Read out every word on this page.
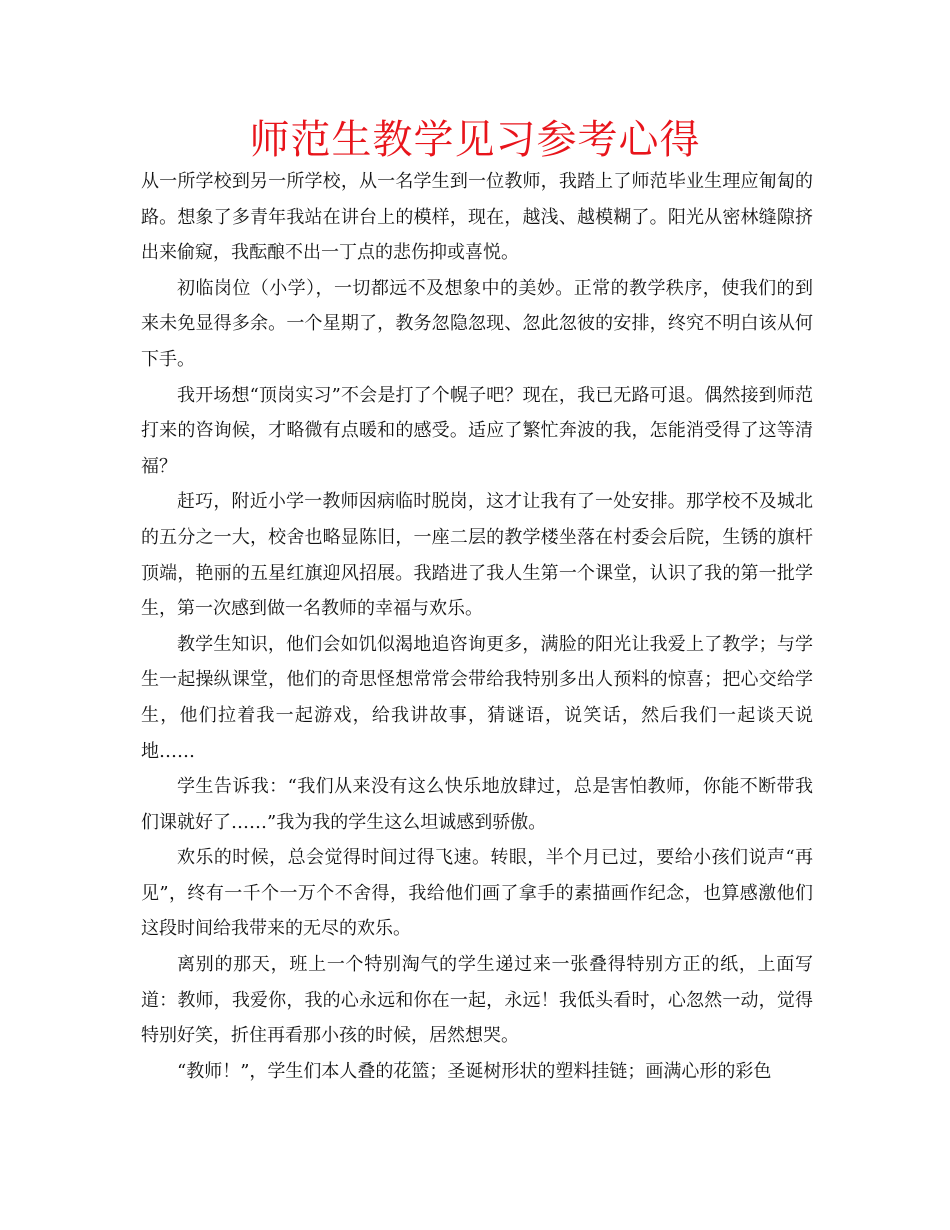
师范生教学见习参考心得

从一所学校到另一所学校，从一名学生到一位教师，我踏上了师范毕业生理应匍匐的路。想象了多青年我站在讲台上的模样，现在，越浅、越模糊了。阳光从密林缝隙挤出来偷窥，我酝酿不出一丁点的悲伤抑或喜悦。

初临岗位（小学），一切都远不及想象中的美妙。正常的教学秩序，使我们的到来未免显得多余。一个星期了，教务忽隐忽现、忽此忽彼的安排，终究不明白该从何下手。

我开场想“顶岗实习”不会是打了个幌子吧？现在，我已无路可退。偶然接到师范打来的咨询候，才略微有点暖和的感受。适应了繁忙奔波的我，怎能消受得了这等清福？

赶巧，附近小学一教师因病临时脱岗，这才让我有了一处安排。那学校不及城北的五分之一大，校舍也略显陈旧，一座二层的教学楼坐落在村委会后院，生锈的旗杆顶端，艳丽的五星红旗迎风招展。我踏进了我人生第一个课堂，认识了我的第一批学生，第一次感到做一名教师的幸福与欢乐。

教学生知识，他们会如饥似渴地追咨询更多，满脸的阳光让我爱上了教学；与学生一起操纵课堂，他们的奇思怪想常常会带给我特别多出人预料的惊喜；把心交给学生，他们拉着我一起游戏，给我讲故事，猜谜语，说笑话，然后我们一起谈天说地……

学生告诉我：“我们从来没有这么快乐地放肆过，总是害怕教师，你能不断带我们课就好了……”我为我的学生这么坦诚感到骄傲。

欢乐的时候，总会觉得时间过得飞速。转眼，半个月已过，要给小孩们说声“再见”，终有一千个一万个不舍得，我给他们画了拿手的素描画作纪念，也算感激他们这段时间给我带来的无尽的欢乐。

离别的那天，班上一个特别淘气的学生递过来一张叠得特别方正的纸，上面写道：教师，我爱你，我的心永远和你在一起，永远！我低头看时，心忽然一动，觉得特别好笑，折住再看那小孩的时候，居然想哭。

“教师！”，学生们本人叠的花篮；圣诞树形状的塑料挂链；画满心形的彩色
